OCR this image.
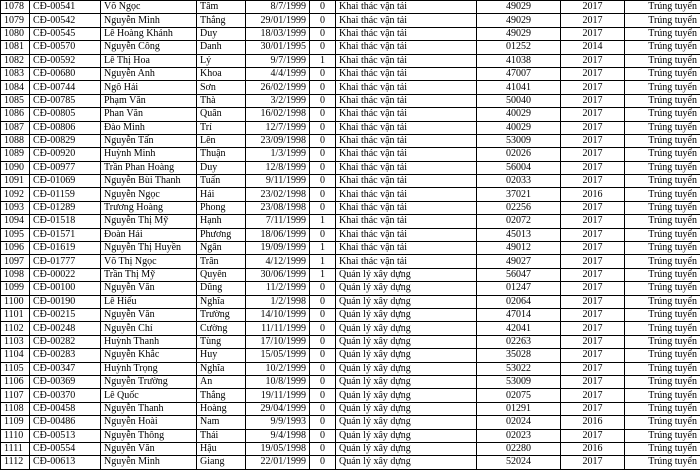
1078	CĐ-00541	Võ Ngọc	Tâm	8/7/1999	0	Khai thác vận tải	49029	2017	Trúng tuyển
1079	CĐ-00542	Nguyễn Minh	Thắng	29/01/1999	0	Khai thác vận tải	49029	2017	Trúng tuyển
1080	CĐ-00545	Lê Hoàng Khánh	Duy	18/03/1999	0	Khai thác vận tải	49029	2017	Trúng tuyển
1081	CĐ-00570	Nguyễn Công	Danh	30/01/1995	0	Khai thác vận tải	01252	2014	Trúng tuyển
1082	CĐ-00592	Lê Thị Hoa	Lý	9/7/1999	1	Khai thác vận tải	41038	2017	Trúng tuyển
1083	CĐ-00680	Nguyễn Anh	Khoa	4/4/1999	0	Khai thác vận tải	47007	2017	Trúng tuyển
1084	CĐ-00744	Ngô Hải	Sơn	26/02/1999	0	Khai thác vận tải	41041	2017	Trúng tuyển
1085	CĐ-00785	Phạm Văn	Thà	3/2/1999	0	Khai thác vận tải	50040	2017	Trúng tuyển
1086	CĐ-00805	Phan Văn	Quân	16/02/1998	0	Khai thác vận tải	40029	2017	Trúng tuyển
1087	CĐ-00806	Đào Minh	Trí	12/7/1999	0	Khai thác vận tải	40029	2017	Trúng tuyển
1088	CĐ-00829	Nguyễn Tấn	Lên	23/09/1998	0	Khai thác vận tải	53009	2017	Trúng tuyển
1089	CĐ-00920	Huỳnh Minh	Thuận	1/3/1999	0	Khai thác vận tải	02026	2017	Trúng tuyển
1090	CĐ-00977	Trần Phan Hoàng	Duy	12/8/1999	0	Khai thác vận tải	56004	2017	Trúng tuyển
1091	CĐ-01069	Nguyễn Bùi Thanh	Tuấn	9/11/1999	0	Khai thác vận tải	02033	2017	Trúng tuyển
1092	CĐ-01159	Nguyễn Ngọc	Hải	23/02/1998	0	Khai thác vận tải	37021	2016	Trúng tuyển
1093	CĐ-01289	Trương Hoàng	Phong	23/08/1998	0	Khai thác vận tải	02256	2017	Trúng tuyển
1094	CĐ-01518	Nguyễn Thị Mỹ	Hạnh	7/11/1999	1	Khai thác vận tải	02072	2017	Trúng tuyển
1095	CĐ-01571	Đoàn Hải	Phương	18/06/1999	0	Khai thác vận tải	45013	2017	Trúng tuyển
1096	CĐ-01619	Nguyễn Thị Huyền	Ngân	19/09/1999	1	Khai thác vận tải	49012	2017	Trúng tuyển
1097	CĐ-01777	Võ Thị Ngọc	Trân	4/12/1999	1	Khai thác vận tải	49027	2017	Trúng tuyển
1098	CĐ-00022	Trần Thị Mỹ	Quyên	30/06/1999	1	Quản lý xây dựng	56047	2017	Trúng tuyển
1099	CĐ-00100	Nguyễn Văn	Dũng	11/2/1999	0	Quản lý xây dựng	01247	2017	Trúng tuyển
1100	CĐ-00190	Lê Hiếu	Nghĩa	1/2/1998	0	Quản lý xây dựng	02064	2017	Trúng tuyển
1101	CĐ-00215	Nguyễn Văn	Trường	14/10/1999	0	Quản lý xây dựng	47014	2017	Trúng tuyển
1102	CĐ-00248	Nguyễn Chí	Cường	11/11/1999	0	Quản lý xây dựng	42041	2017	Trúng tuyển
1103	CĐ-00282	Huỳnh Thanh	Tùng	17/10/1999	0	Quản lý xây dựng	02263	2017	Trúng tuyển
1104	CĐ-00283	Nguyễn Khắc	Huy	15/05/1999	0	Quản lý xây dựng	35028	2017	Trúng tuyển
1105	CĐ-00347	Huỳnh Trọng	Nghĩa	10/2/1999	0	Quản lý xây dựng	53022	2017	Trúng tuyển
1106	CĐ-00369	Nguyễn Trường	An	10/8/1999	0	Quản lý xây dựng	53009	2017	Trúng tuyển
1107	CĐ-00370	Lê Quốc	Thắng	19/11/1999	0	Quản lý xây dựng	02075	2017	Trúng tuyển
1108	CĐ-00458	Nguyễn Thanh	Hoàng	29/04/1999	0	Quản lý xây dựng	01291	2017	Trúng tuyển
1109	CĐ-00486	Nguyễn Hoài	Nam	9/9/1993	0	Quản lý xây dựng	02024	2016	Trúng tuyển
1110	CĐ-00513	Nguyễn Thông	Thái	9/4/1998	0	Quản lý xây dựng	02023	2017	Trúng tuyển
1111	CĐ-00554	Nguyễn Văn	Hậu	19/05/1998	0	Quản lý xây dựng	02280	2016	Trúng tuyển
1112	CĐ-00613	Nguyễn Minh	Giang	22/01/1999	0	Quản lý xây dựng	52024	2017	Trúng tuyển
